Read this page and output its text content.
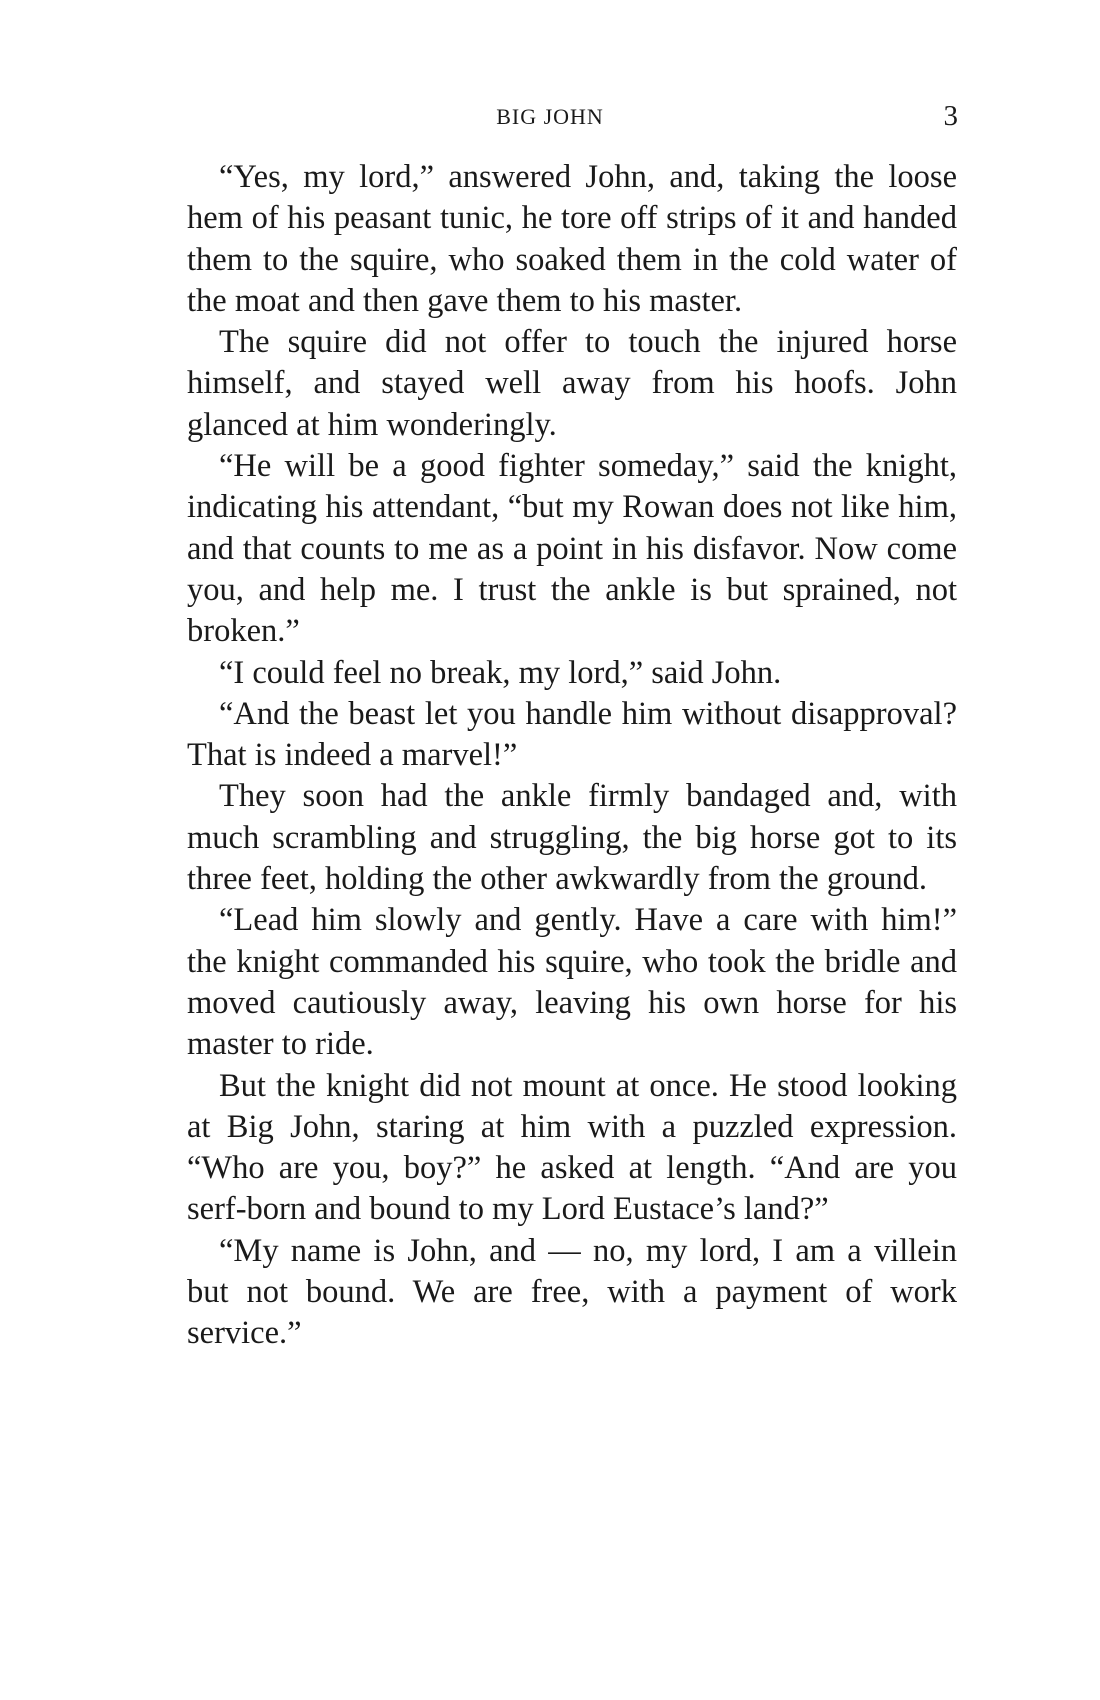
BIG JOHN	3

“Yes, my lord,” answered John, and, taking the loose hem of his peasant tunic, he tore off strips of it and handed them to the squire, who soaked them in the cold water of the moat and then gave them to his master.

The squire did not offer to touch the injured horse himself, and stayed well away from his hoofs. John glanced at him wonderingly.

“He will be a good fighter someday,” said the knight, indicating his attendant, “but my Rowan does not like him, and that counts to me as a point in his disfavor. Now come you, and help me. I trust the ankle is but sprained, not broken.”

“I could feel no break, my lord,” said John.

“And the beast let you handle him without disapproval? That is indeed a marvel!”

They soon had the ankle firmly bandaged and, with much scrambling and struggling, the big horse got to its three feet, holding the other awkwardly from the ground.

“Lead him slowly and gently. Have a care with him!” the knight commanded his squire, who took the bridle and moved cautiously away, leaving his own horse for his master to ride.

But the knight did not mount at once. He stood looking at Big John, staring at him with a puzzled expression. “Who are you, boy?” he asked at length. “And are you serf-born and bound to my Lord Eustace’s land?”

“My name is John, and — no, my lord, I am a villein but not bound. We are free, with a payment of work service.”
